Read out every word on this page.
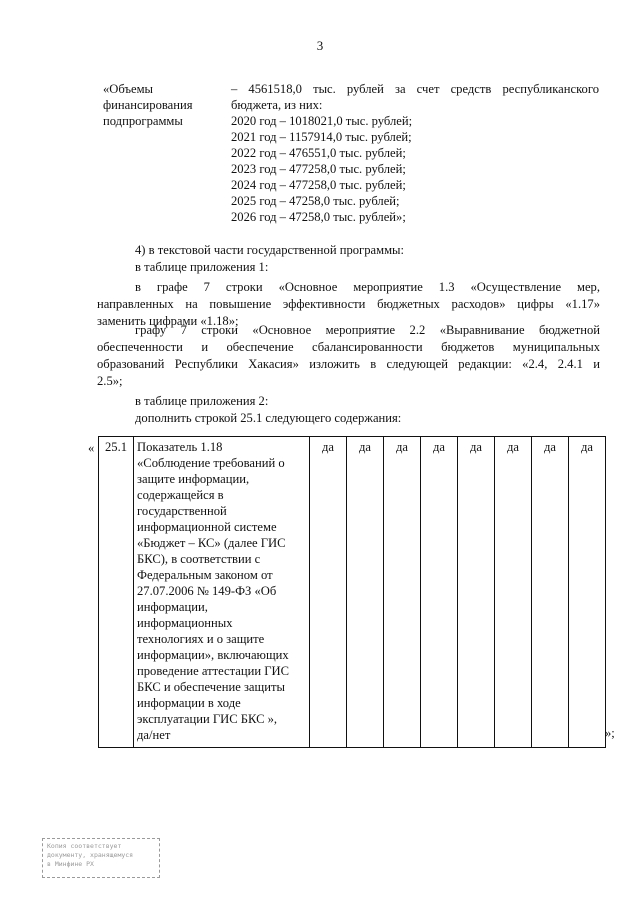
3
«Объемы
финансирования
подпрограммы
– 4561518,0 тыс. рублей за счет средств республиканского
бюджета, из них:
2020 год – 1018021,0 тыс. рублей;
2021 год – 1157914,0 тыс. рублей;
2022 год – 476551,0 тыс. рублей;
2023 год – 477258,0 тыс. рублей;
2024 год – 477258,0 тыс. рублей;
2025 год – 47258,0 тыс. рублей;
2026 год – 47258,0 тыс. рублей»;
4) в текстовой части государственной программы:
в таблице приложения 1:
в графе 7 строки «Основное мероприятие 1.3 «Осуществление мер,
направленных на повышение эффективности бюджетных расходов» цифры «1.17»
заменить цифрами «1.18»;
графу 7 строки «Основное мероприятие 2.2 «Выравнивание бюджетной
обеспеченности и обеспечение сбалансированности бюджетов муниципальных
образований Республики Хакасия» изложить в следующей редакции: «2.4, 2.4.1 и
2.5»;
в таблице приложения 2:
дополнить строкой 25.1 следующего содержания:
« 25.1	Показатель 1.18
«Соблюдение требований о
защите информации,
содержащейся в
государственной
информационной системе
«Бюджет – КС» (далее ГИС
БКС), в соответствии с
Федеральным законом от
27.07.2006 № 149-ФЗ «Об
информации,
информационных
технологиях и о защите
информации», включающих
проведение аттестации ГИС
БКС и обеспечение защиты
информации в ходе
эксплуатации ГИС БКС »,
да/нет
	да	да	да	да	да	да	да	да
»;
Копия соответствует
документу, хранящемуся
в Минфине РХ
